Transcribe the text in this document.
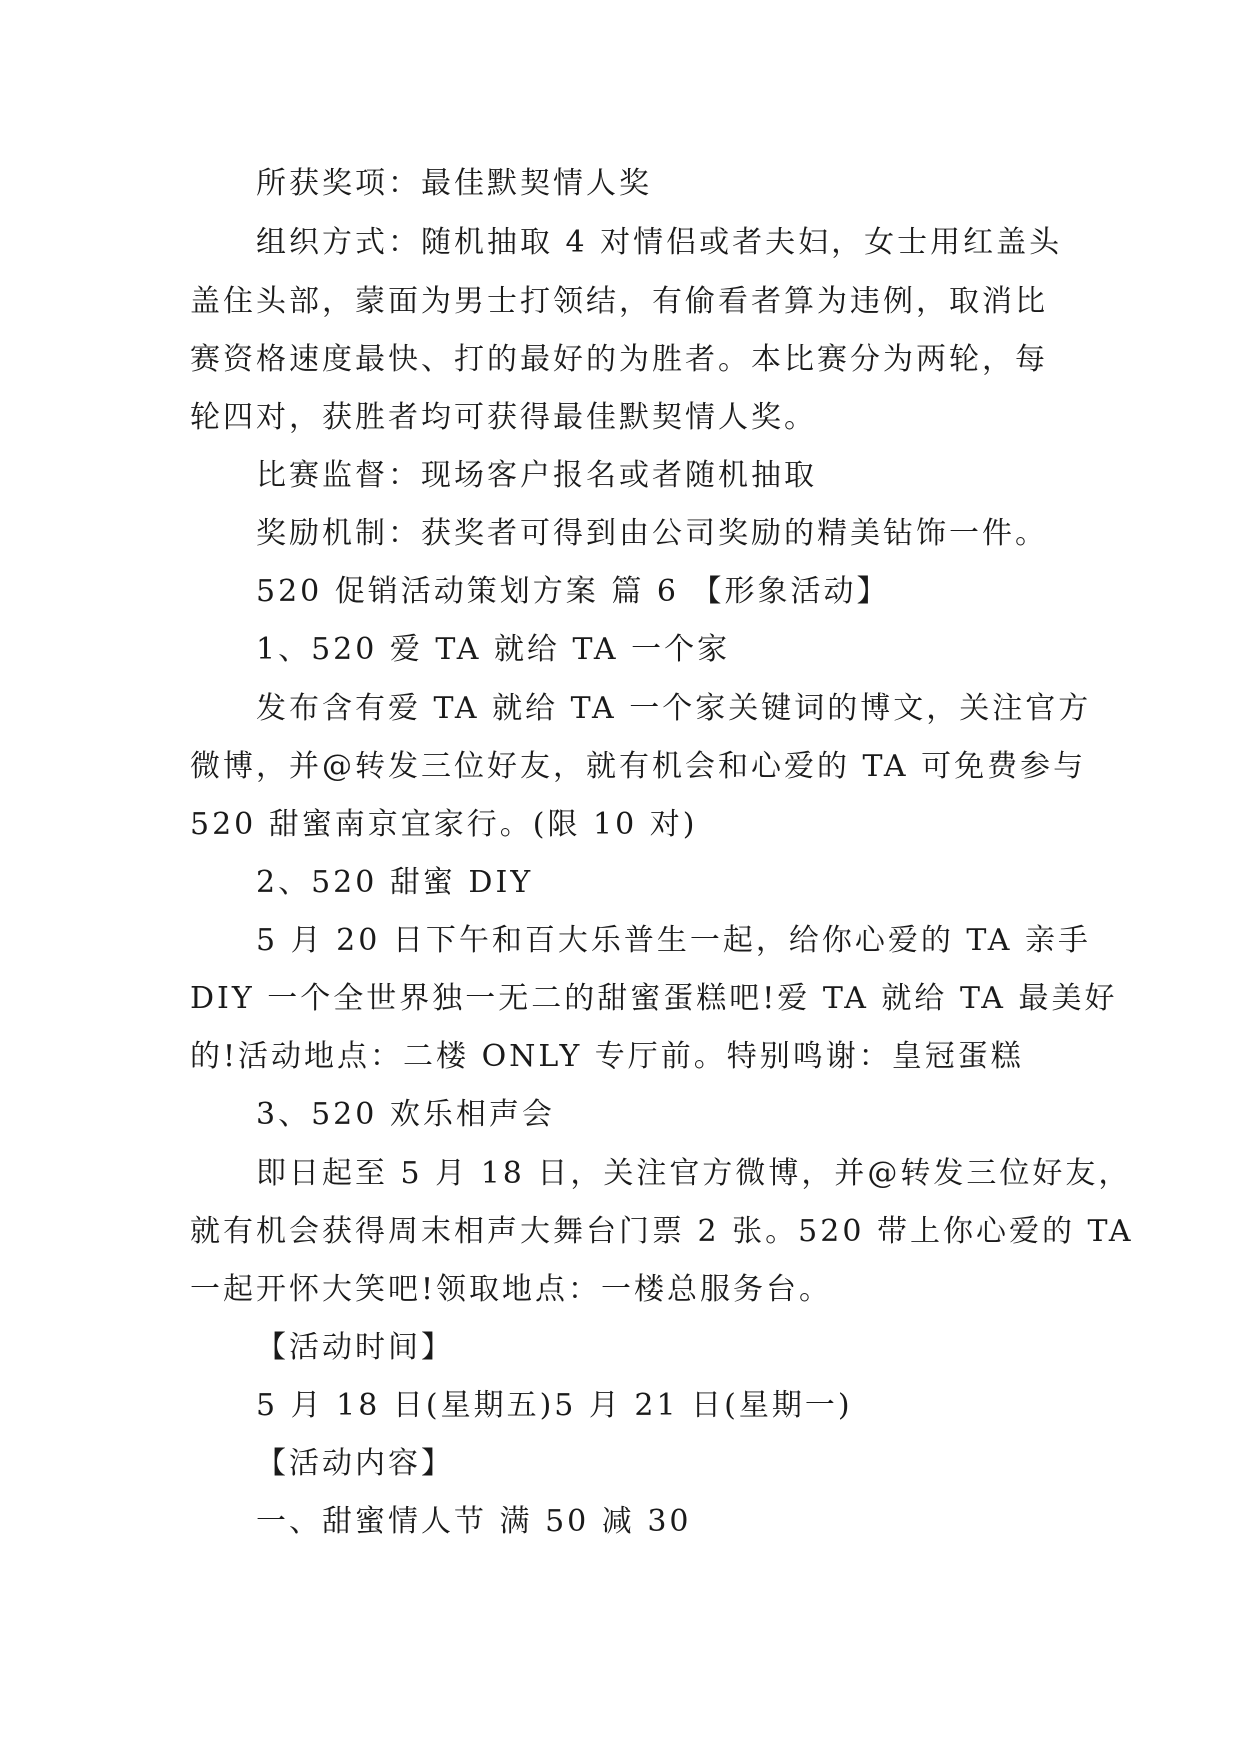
所获奖项：最佳默契情人奖
组织方式：随机抽取 4 对情侣或者夫妇，女士用红盖头
盖住头部，蒙面为男士打领结，有偷看者算为违例，取消比
赛资格速度最快、打的最好的为胜者。本比赛分为两轮，每
轮四对，获胜者均可获得最佳默契情人奖。
比赛监督：现场客户报名或者随机抽取
奖励机制：获奖者可得到由公司奖励的精美钻饰一件。
520 促销活动策划方案 篇 6 【形象活动】
1、520 爱 TA 就给 TA 一个家
发布含有爱 TA 就给 TA 一个家关键词的博文，关注官方
微博，并@转发三位好友，就有机会和心爱的 TA 可免费参与
520 甜蜜南京宜家行。(限 10 对)
2、520 甜蜜 DIY
5 月 20 日下午和百大乐普生一起，给你心爱的 TA 亲手
DIY 一个全世界独一无二的甜蜜蛋糕吧!爱 TA 就给 TA 最美好
的!活动地点：二楼 ONLY 专厅前。特别鸣谢：皇冠蛋糕
3、520 欢乐相声会
即日起至 5 月 18 日，关注官方微博，并@转发三位好友，
就有机会获得周末相声大舞台门票 2 张。520 带上你心爱的 TA
一起开怀大笑吧!领取地点：一楼总服务台。
【活动时间】
5 月 18 日(星期五)5 月 21 日(星期一)
【活动内容】
一、甜蜜情人节 满 50 减 30
